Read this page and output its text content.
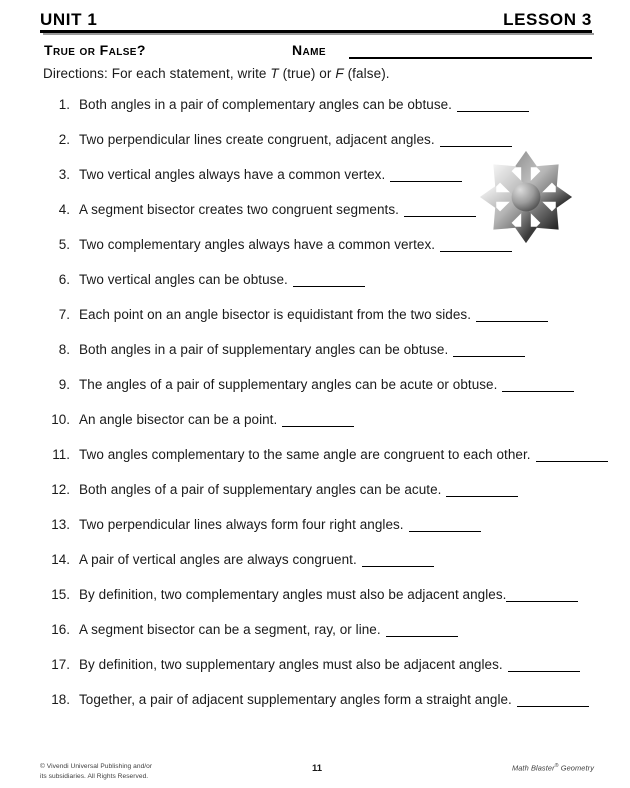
UNIT 1	LESSON 3
True or False?	Name
Directions: For each statement, write T (true) or F (false).
1. Both angles in a pair of complementary angles can be obtuse.
2. Two perpendicular lines create congruent, adjacent angles.
3. Two vertical angles always have a common vertex.
4. A segment bisector creates two congruent segments.
5. Two complementary angles always have a common vertex.
6. Two vertical angles can be obtuse.
7. Each point on an angle bisector is equidistant from the two sides.
8. Both angles in a pair of supplementary angles can be obtuse.
9. The angles of a pair of supplementary angles can be acute or obtuse.
10. An angle bisector can be a point.
11. Two angles complementary to the same angle are congruent to each other.
12. Both angles of a pair of supplementary angles can be acute.
13. Two perpendicular lines always form four right angles.
14. A pair of vertical angles are always congruent.
15. By definition, two complementary angles must also be adjacent angles.
16. A segment bisector can be a segment, ray, or line.
17. By definition, two supplementary angles must also be adjacent angles.
18. Together, a pair of adjacent supplementary angles form a straight angle.
© Vivendi Universal Publishing and/or
its subsidiaries. All Rights Reserved.
11	Math Blaster® Geometry
